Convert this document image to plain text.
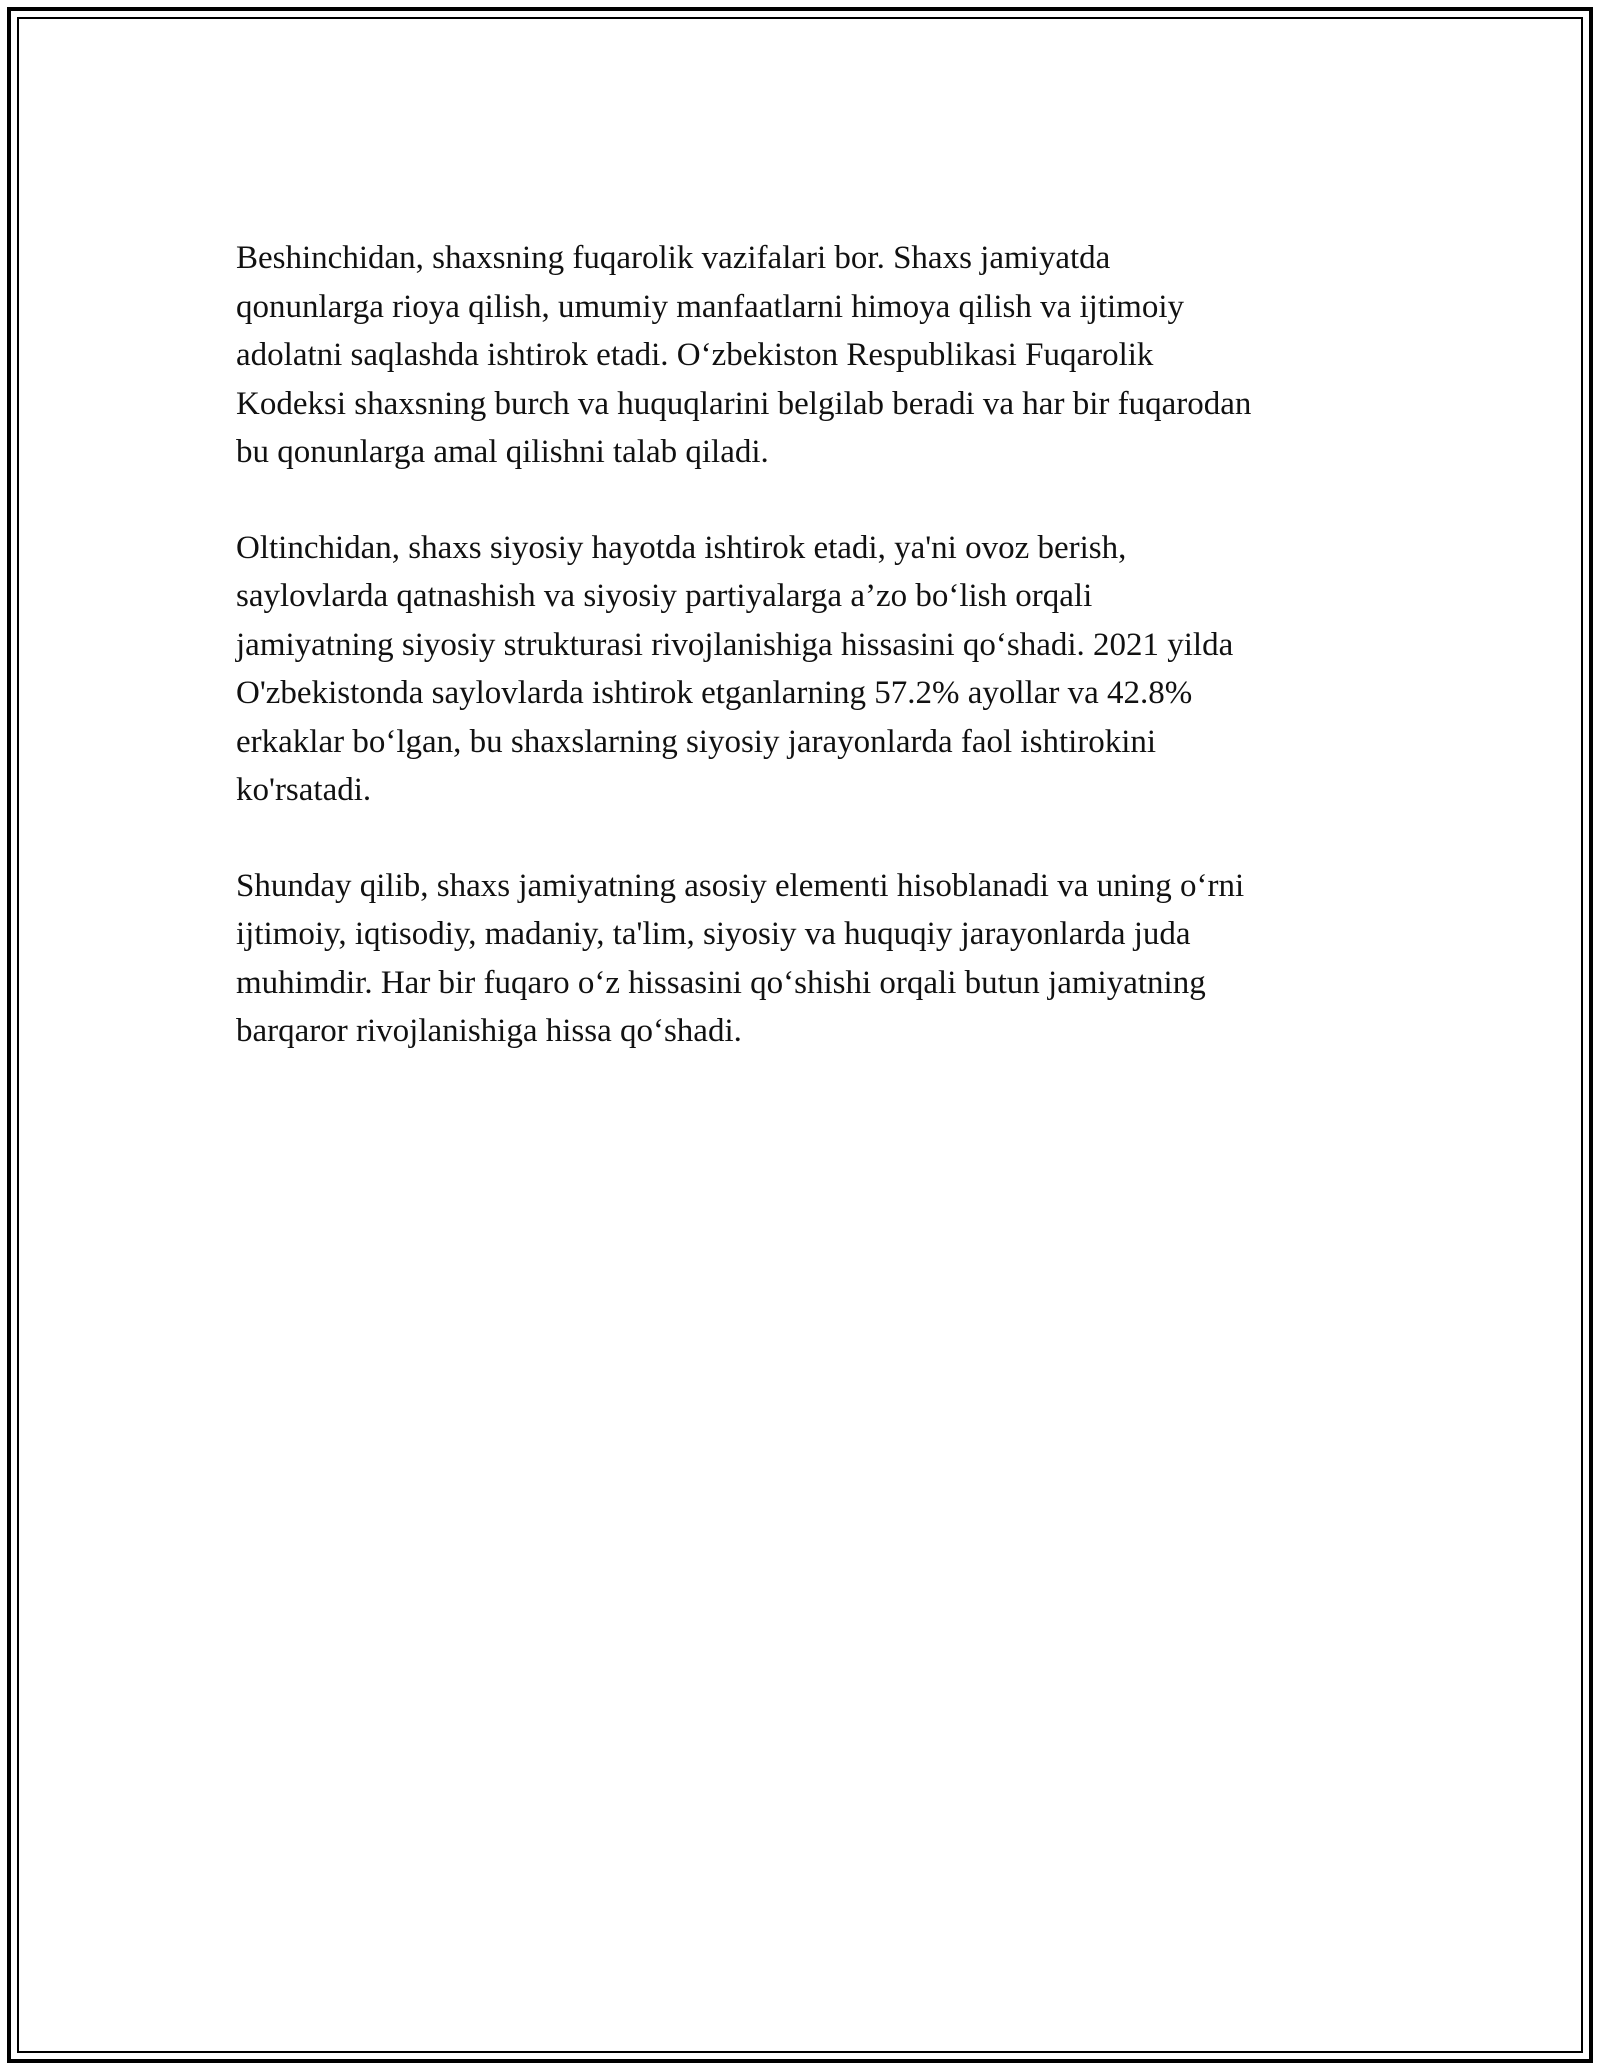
Beshinchidan, shaxsning fuqarolik vazifalari bor. Shaxs jamiyatda
qonunlarga rioya qilish, umumiy manfaatlarni himoya qilish va ijtimoiy
adolatni saqlashda ishtirok etadi. O‘zbekiston Respublikasi Fuqarolik
Kodeksi shaxsning burch va huquqlarini belgilab beradi va har bir fuqarodan
bu qonunlarga amal qilishni talab qiladi.

Oltinchidan, shaxs siyosiy hayotda ishtirok etadi, ya'ni ovoz berish,
saylovlarda qatnashish va siyosiy partiyalarga a’zo bo‘lish orqali
jamiyatning siyosiy strukturasi rivojlanishiga hissasini qo‘shadi. 2021 yilda
O'zbekistonda saylovlarda ishtirok etganlarning 57.2% ayollar va 42.8%
erkaklar bo‘lgan, bu shaxslarning siyosiy jarayonlarda faol ishtirokini
ko'rsatadi.

Shunday qilib, shaxs jamiyatning asosiy elementi hisoblanadi va uning o‘rni
ijtimoiy, iqtisodiy, madaniy, ta'lim, siyosiy va huquqiy jarayonlarda juda
muhimdir. Har bir fuqaro o‘z hissasini qo‘shishi orqali butun jamiyatning
barqaror rivojlanishiga hissa qo‘shadi.
